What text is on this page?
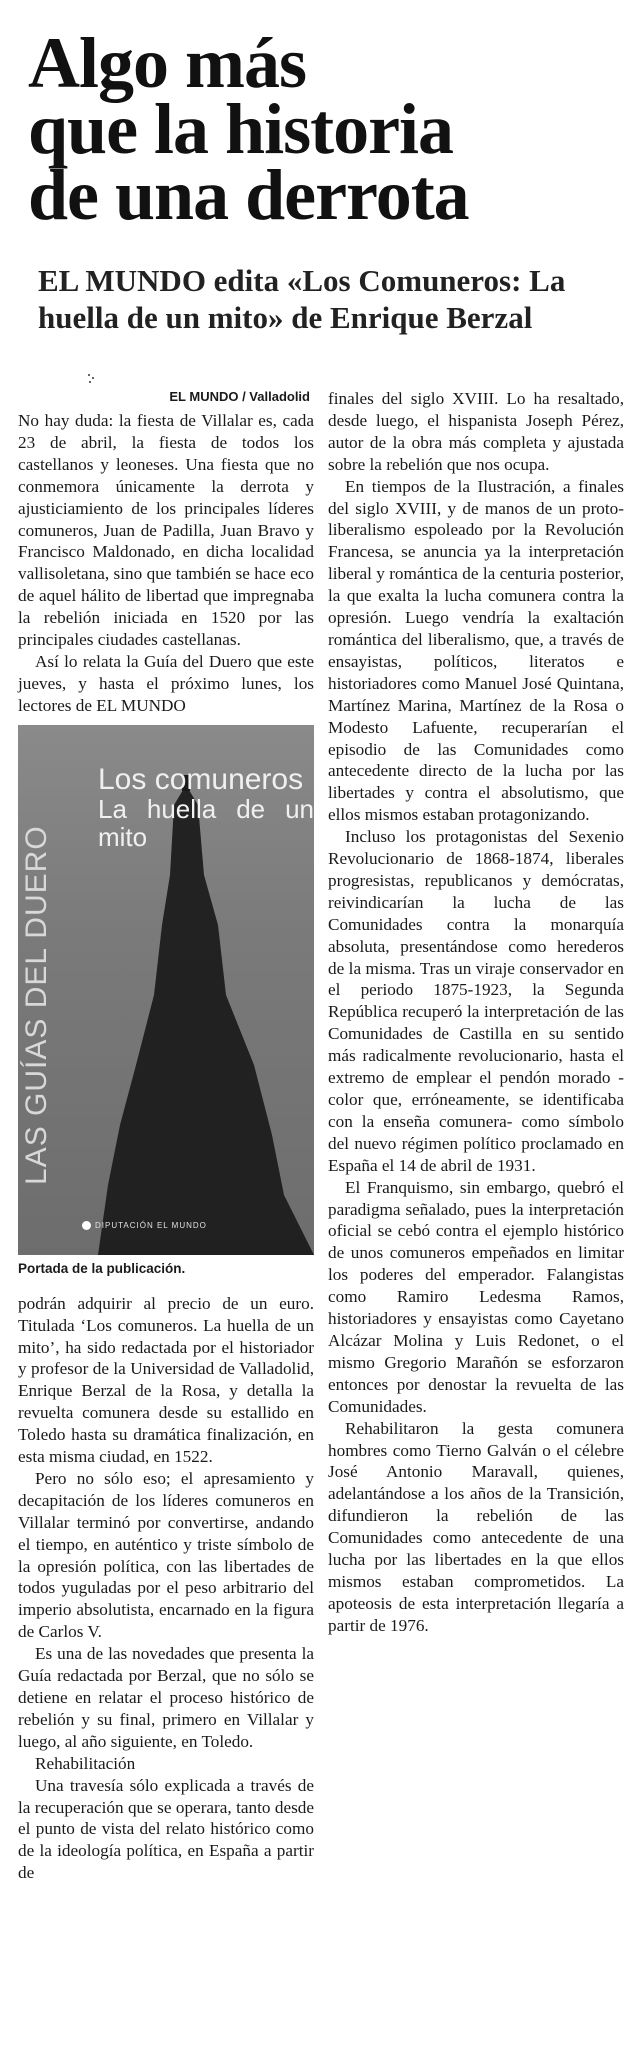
Algo más
que la historia
de una derrota
EL MUNDO edita «Los Comuneros: La huella de un mito» de Enrique Berzal
EL MUNDO / Valladolid

No hay duda: la fiesta de Villalar es, cada 23 de abril, la fiesta de todos los castellanos y leoneses. Una fiesta que no conmemora únicamente la derrota y ajusticiamiento de los principales líderes comuneros, Juan de Padilla, Juan Bravo y Francisco Maldonado, en dicha localidad vallisoletana, sino que también se hace eco de aquel hálito de libertad que impregnaba la rebelión iniciada en 1520 por las principales ciudades castellanas.

Así lo relata la Guía del Duero que este jueves, y hasta el próximo lunes, los lectores de EL MUNDO

LAS GUÍAS DEL DUERO
Los comuneros
La huella de un mito
DIPUTACIÓN EL MUNDO
Portada de la publicación.

podrán adquirir al precio de un euro. Titulada ‘Los comuneros. La huella de un mito’, ha sido redactada por el historiador y profesor de la Universidad de Valladolid, Enrique Berzal de la Rosa, y detalla la revuelta comunera desde su estallido en Toledo hasta su dramática finalización, en esta misma ciudad, en 1522.

Pero no sólo eso; el apresamiento y decapitación de los líderes comuneros en Villalar terminó por convertirse, andando el tiempo, en auténtico y triste símbolo de la opresión política, con las libertades de todos yuguladas por el peso arbitrario del imperio absolutista, encarnado en la figura de Carlos V.

Es una de las novedades que presenta la Guía redactada por Berzal, que no sólo se detiene en relatar el proceso histórico de rebelión y su final, primero en Villalar y luego, al año siguiente, en Toledo.

Rehabilitación

Una travesía sólo explicada a través de la recuperación que se operara, tanto desde el punto de vista del relato histórico como de la ideología política, en España a partir de

finales del siglo XVIII. Lo ha resaltado, desde luego, el hispanista Joseph Pérez, autor de la obra más completa y ajustada sobre la rebelión que nos ocupa.

En tiempos de la Ilustración, a finales del siglo XVIII, y de manos de un proto-liberalismo espoleado por la Revolución Francesa, se anuncia ya la interpretación liberal y romántica de la centuria posterior, la que exalta la lucha comunera contra la opresión. Luego vendría la exaltación romántica del liberalismo, que, a través de ensayistas, políticos, literatos e historiadores como Manuel José Quintana, Martínez Marina, Martínez de la Rosa o Modesto Lafuente, recuperarían el episodio de las Comunidades como antecedente directo de la lucha por las libertades y contra el absolutismo, que ellos mismos estaban protagonizando.

Incluso los protagonistas del Sexenio Revolucionario de 1868-1874, liberales progresistas, republicanos y demócratas, reivindicarían la lucha de las Comunidades contra la monarquía absoluta, presentándose como herederos de la misma. Tras un viraje conservador en el periodo 1875-1923, la Segunda República recuperó la interpretación de las Comunidades de Castilla en su sentido más radicalmente revolucionario, hasta el extremo de emplear el pendón morado -color que, erróneamente, se identificaba con la enseña comunera- como símbolo del nuevo régimen político proclamado en España el 14 de abril de 1931.

El Franquismo, sin embargo, quebró el paradigma señalado, pues la interpretación oficial se cebó contra el ejemplo histórico de unos comuneros empeñados en limitar los poderes del emperador. Falangistas como Ramiro Ledesma Ramos, historiadores y ensayistas como Cayetano Alcázar Molina y Luis Redonet, o el mismo Gregorio Marañón se esforzaron entonces por denostar la revuelta de las Comunidades.

Rehabilitaron la gesta comunera hombres como Tierno Galván o el célebre José Antonio Maravall, quienes, adelantándose a los años de la Transición, difundieron la rebelión de las Comunidades como antecedente de una lucha por las libertades en la que ellos mismos estaban comprometidos. La apoteosis de esta interpretación llegaría a partir de 1976.
